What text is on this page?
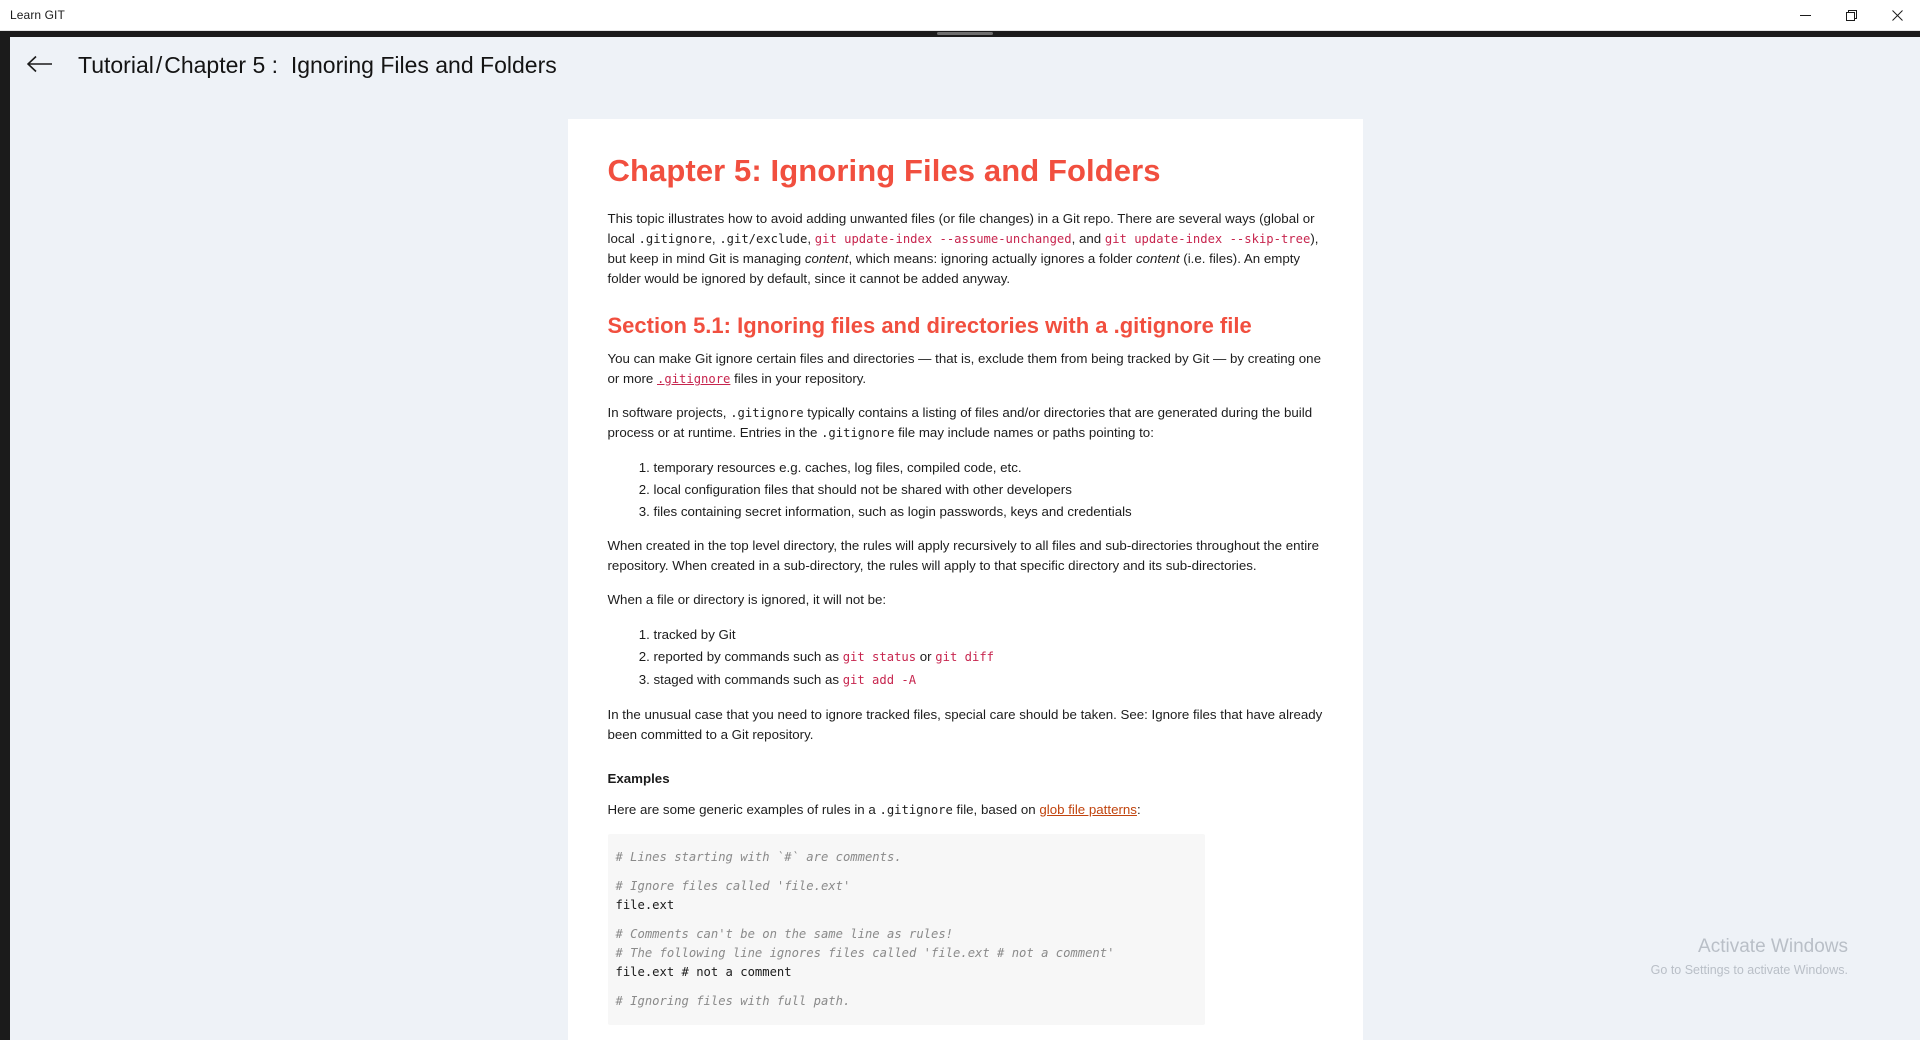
Learn GIT
Tutorial/Chapter 5 : Ignoring Files and Folders
Chapter 5: Ignoring Files and Folders

This topic illustrates how to avoid adding unwanted files (or file changes) in a Git repo. There are several ways (global or local .gitignore, .git/exclude, git update-index --assume-unchanged, and git update-index --skip-tree), but keep in mind Git is managing content, which means: ignoring actually ignores a folder content (i.e. files). An empty folder would be ignored by default, since it cannot be added anyway.

Section 5.1: Ignoring files and directories with a .gitignore file

You can make Git ignore certain files and directories — that is, exclude them from being tracked by Git — by creating one or more .gitignore files in your repository.

In software projects, .gitignore typically contains a listing of files and/or directories that are generated during the build process or at runtime. Entries in the .gitignore file may include names or paths pointing to:

1. temporary resources e.g. caches, log files, compiled code, etc.
2. local configuration files that should not be shared with other developers
3. files containing secret information, such as login passwords, keys and credentials

When created in the top level directory, the rules will apply recursively to all files and sub-directories throughout the entire repository. When created in a sub-directory, the rules will apply to that specific directory and its sub-directories.

When a file or directory is ignored, it will not be:

1. tracked by Git
2. reported by commands such as git status or git diff
3. staged with commands such as git add -A

In the unusual case that you need to ignore tracked files, special care should be taken. See: Ignore files that have already been committed to a Git repository.

Examples

Here are some generic examples of rules in a .gitignore file, based on glob file patterns:

# Lines starting with `#` are comments.

# Ignore files called 'file.ext'
file.ext

# Comments can't be on the same line as rules!
# The following line ignores files called 'file.ext # not a comment'
file.ext # not a comment

# Ignoring files with full path.
Activate Windows
Go to Settings to activate Windows.
